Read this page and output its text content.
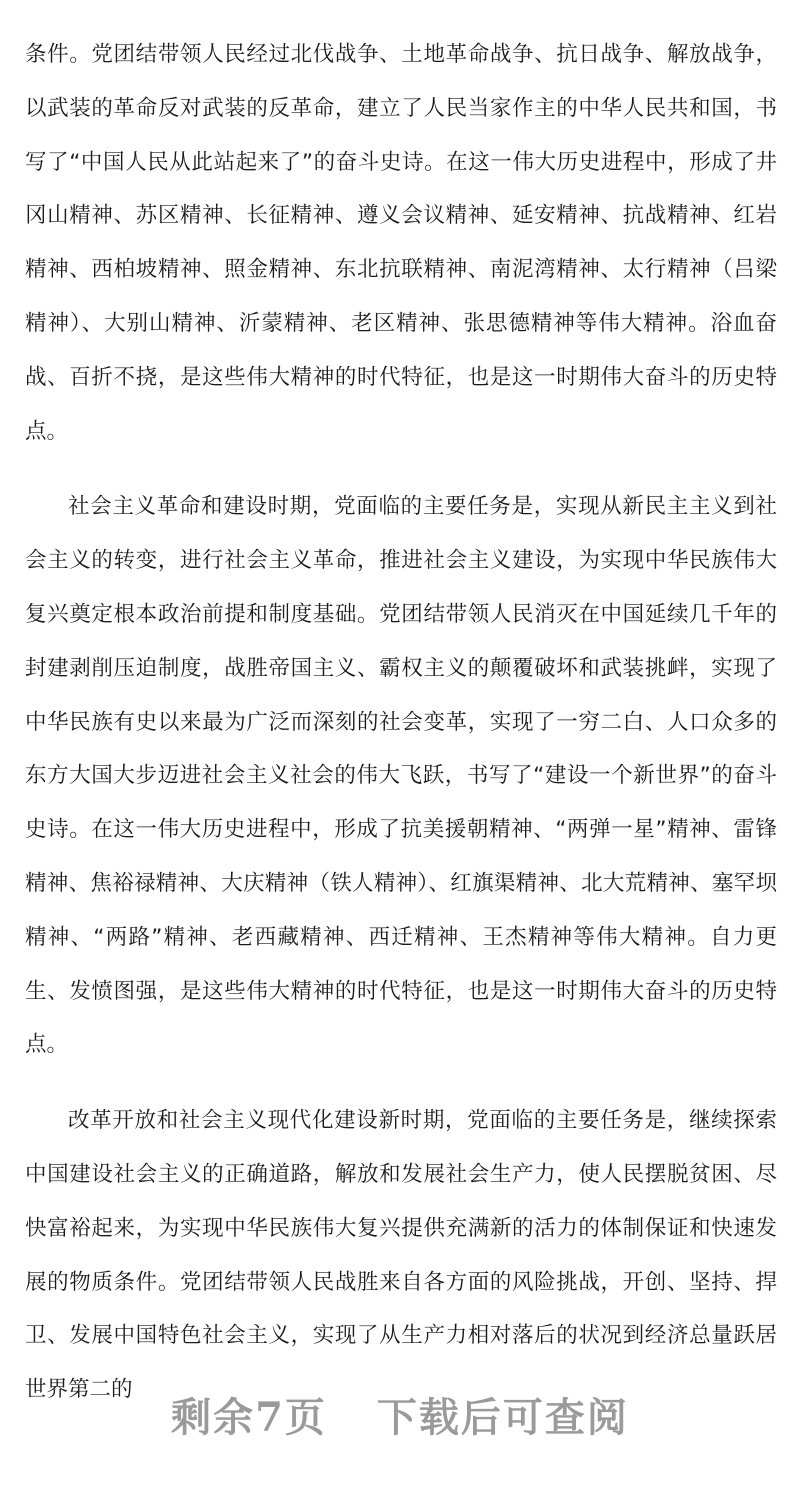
条件。党团结带领人民经过北伐战争、土地革命战争、抗日战争、解放战争，以武装的革命反对武装的反革命，建立了人民当家作主的中华人民共和国，书写了“中国人民从此站起来了”的奋斗史诗。在这一伟大历史进程中，形成了井冈山精神、苏区精神、长征精神、遵义会议精神、延安精神、抗战精神、红岩精神、西柏坡精神、照金精神、东北抗联精神、南泥湾精神、太行精神（吕梁精神）、大别山精神、沂蒙精神、老区精神、张思德精神等伟大精神。浴血奋战、百折不挠，是这些伟大精神的时代特征，也是这一时期伟大奋斗的历史特点。

社会主义革命和建设时期，党面临的主要任务是，实现从新民主主义到社会主义的转变，进行社会主义革命，推进社会主义建设，为实现中华民族伟大复兴奠定根本政治前提和制度基础。党团结带领人民消灭在中国延续几千年的封建剥削压迫制度，战胜帝国主义、霸权主义的颠覆破坏和武装挑衅，实现了中华民族有史以来最为广泛而深刻的社会变革，实现了一穷二白、人口众多的东方大国大步迈进社会主义社会的伟大飞跃，书写了“建设一个新世界”的奋斗史诗。在这一伟大历史进程中，形成了抗美援朝精神、“两弹一星”精神、雷锋精神、焦裕禄精神、大庆精神（铁人精神）、红旗渠精神、北大荒精神、塞罕坝精神、“两路”精神、老西藏精神、西迁精神、王杰精神等伟大精神。自力更生、发愤图强，是这些伟大精神的时代特征，也是这一时期伟大奋斗的历史特点。

改革开放和社会主义现代化建设新时期，党面临的主要任务是，继续探索中国建设社会主义的正确道路，解放和发展社会生产力，使人民摆脱贫困、尽快富裕起来，为实现中华民族伟大复兴提供充满新的活力的体制保证和快速发展的物质条件。党团结带领人民战胜来自各方面的风险挑战，开创、坚持、捍卫、发展中国特色社会主义，实现了从生产力相对落后的状况到经济总量跃居世界第二的

剩余7页 下载后可查阅
